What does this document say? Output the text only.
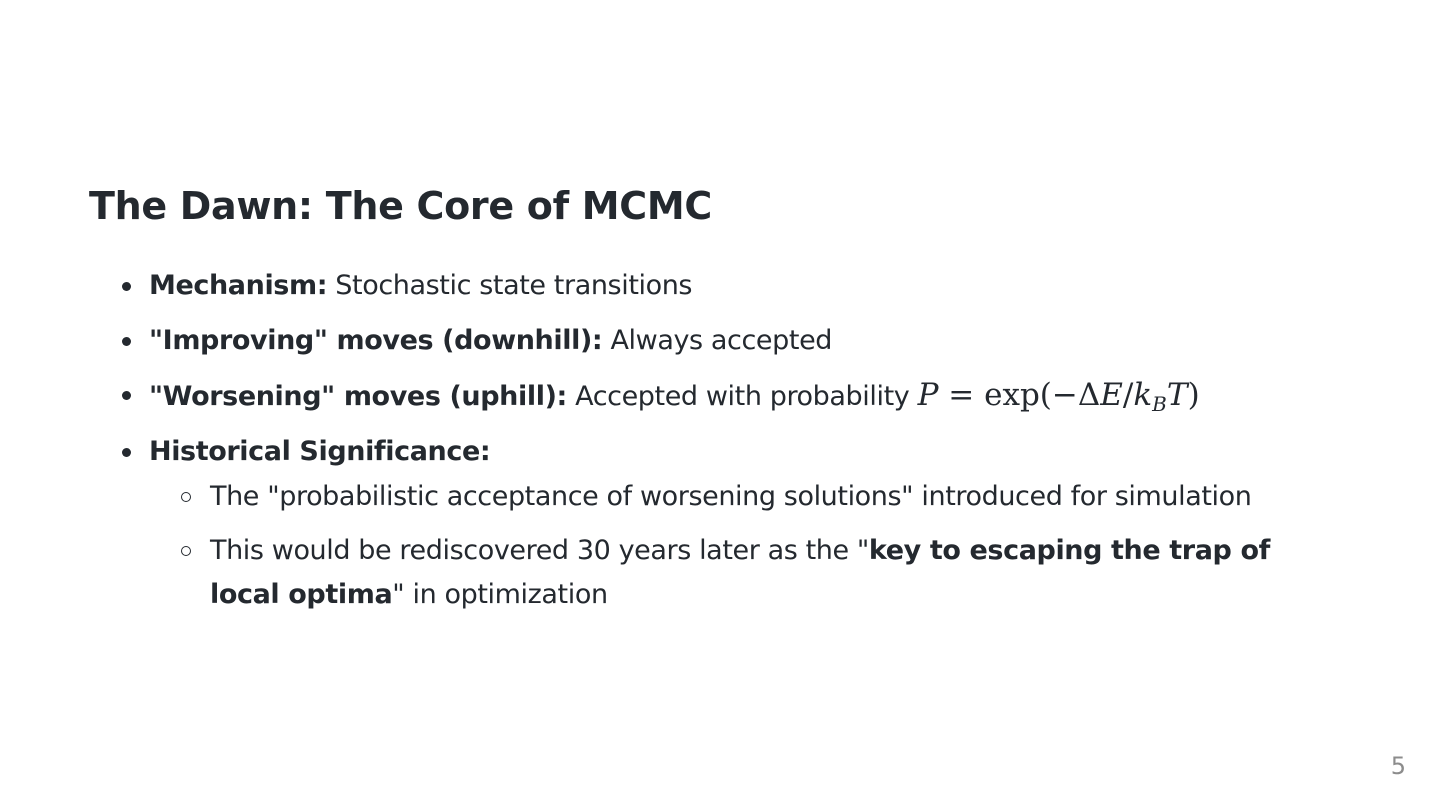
The Dawn: The Core of MCMC
Mechanism: Stochastic state transitions
"Improving" moves (downhill): Always accepted
"Worsening" moves (uphill): Accepted with probability $P = \exp(-\Delta E/k_BT)$
Historical Significance:
The "probabilistic acceptance of worsening solutions" introduced for simulation
This would be rediscovered 30 years later as the "key to escaping the trap of local optima" in optimization
5
